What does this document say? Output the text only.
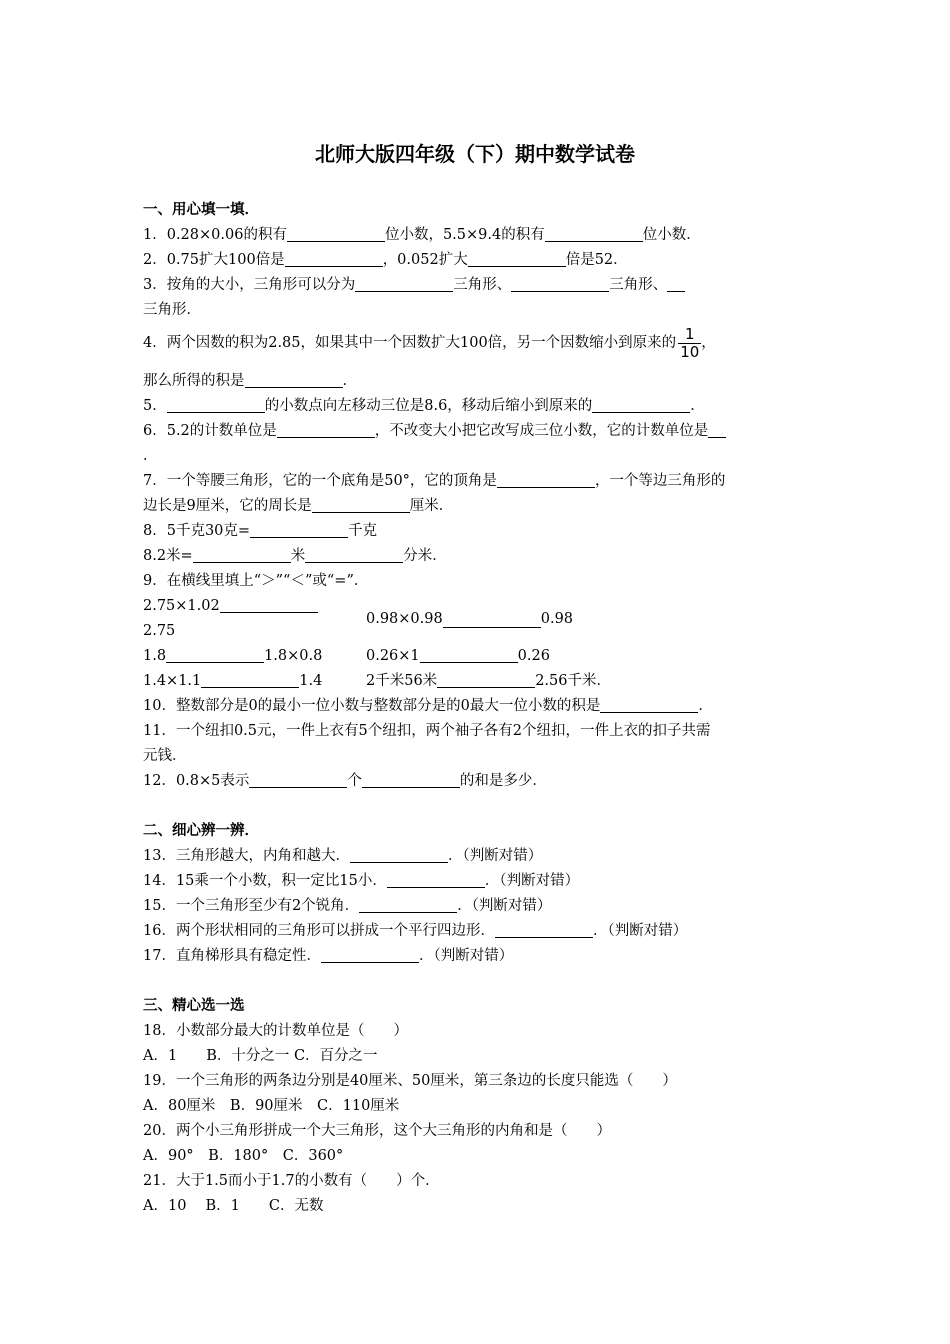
北师大版四年级（下）期中数学试卷
一、用心填一填．
1．0.28×0.06的积有	位小数，5.5×9.4的积有	位小数．
2．0.75扩大100倍是	，0.052扩大	倍是52．
3．按角的大小，三角形可以分为	三角形、	三角形、
三角形．
4．两个因数的积为2.85，如果其中一个因数扩大100倍，另一个因数缩小到原来的 $\frac{1}{10}$ ，
那么所得的积是	．
5．	的小数点向左移动三位是8.6，移动后缩小到原来的	．
6．5.2的计数单位是	，不改变大小把它改写成三位小数，它的计数单位是
．
7．一个等腰三角形，它的一个底角是50°，它的顶角是	，一个等边三角形的
边长是9厘米，它的周长是	厘米．
8．5千克30克=	千克
8.2米=	米	分米．
9．在横线里填上“＞”“＜”或“=”．
2.75×1.02
2.75
0.98×0.98	0.98
1.8	1.8×0.8	0.26×1	0.26
1.4×1.1	1.4	2千米56米	2.56千米．
10．整数部分是0的最小一位小数与整数部分是的0最大一位小数的积是	．
11．一个纽扣0.5元，一件上衣有5个纽扣，两个袖子各有2个纽扣，一件上衣的扣子共需
元钱．
12．0.8×5表示	个	的和是多少．
二、细心辨一辨．
13．三角形越大，内角和越大．	．（判断对错）
14．15乘一个小数，积一定比15小．	．（判断对错）
15．一个三角形至少有2个锐角．	．（判断对错）
16．两个形状相同的三角形可以拼成一个平行四边形．	．（判断对错）
17．直角梯形具有稳定性．	．（判断对错）
三、精心选一选
18．小数部分最大的计数单位是（　　）
A．1　　B．十分之一 C．百分之一
19．一个三角形的两条边分别是40厘米、50厘米，第三条边的长度只能选（　　）
A．80厘米　B．90厘米　C．110厘米
20．两个小三角形拼成一个大三角形，这个大三角形的内角和是（　　）
A．90°　B．180°　C．360°
21．大于1.5而小于1.7的小数有（　　）个．
A．10　 B．1　　C．无数
